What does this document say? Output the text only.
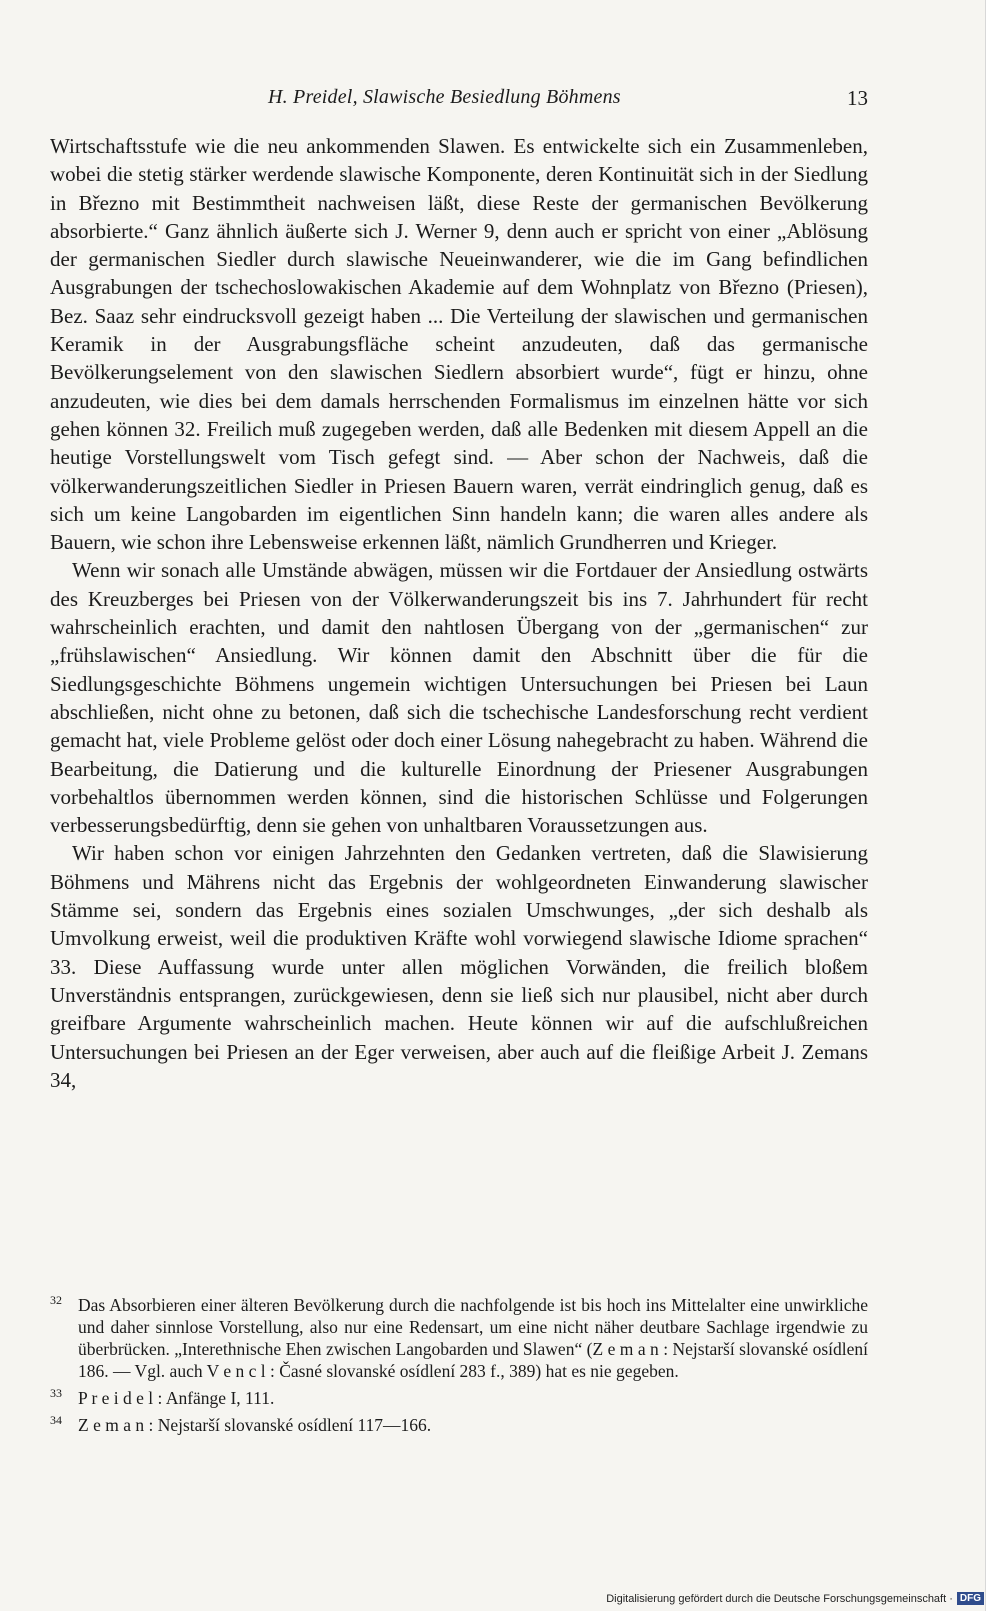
H. Preidel, Slawische Besiedlung Böhmens	13

Wirtschaftsstufe wie die neu ankommenden Slawen. Es entwickelte sich ein Zusammenleben, wobei die stetig stärker werdende slawische Komponente, deren Kontinuität sich in der Siedlung in Březno mit Bestimmtheit nachweisen läßt, diese Reste der germanischen Bevölkerung absorbierte.“ Ganz ähnlich äußerte sich J. Werner 9, denn auch er spricht von einer „Ablösung der germanischen Siedler durch slawische Neueinwanderer, wie die im Gang befindlichen Ausgrabungen der tschechoslowakischen Akademie auf dem Wohnplatz von Březno (Priesen), Bez. Saaz sehr eindrucksvoll gezeigt haben ... Die Verteilung der slawischen und germanischen Keramik in der Ausgrabungsfläche scheint anzudeuten, daß das germanische Bevölkerungselement von den slawischen Siedlern absorbiert wurde“, fügt er hinzu, ohne anzudeuten, wie dies bei dem damals herrschenden Formalismus im einzelnen hätte vor sich gehen können 32. Freilich muß zugegeben werden, daß alle Bedenken mit diesem Appell an die heutige Vorstellungswelt vom Tisch gefegt sind. — Aber schon der Nachweis, daß die völkerwanderungszeitlichen Siedler in Priesen Bauern waren, verrät eindringlich genug, daß es sich um keine Langobarden im eigentlichen Sinn handeln kann; die waren alles andere als Bauern, wie schon ihre Lebensweise erkennen läßt, nämlich Grundherren und Krieger.

Wenn wir sonach alle Umstände abwägen, müssen wir die Fortdauer der Ansiedlung ostwärts des Kreuzberges bei Priesen von der Völkerwanderungszeit bis ins 7. Jahrhundert für recht wahrscheinlich erachten, und damit den nahtlosen Übergang von der „germanischen“ zur „frühslawischen“ Ansiedlung. Wir können damit den Abschnitt über die für die Siedlungsgeschichte Böhmens ungemein wichtigen Untersuchungen bei Priesen bei Laun abschließen, nicht ohne zu betonen, daß sich die tschechische Landesforschung recht verdient gemacht hat, viele Probleme gelöst oder doch einer Lösung nahegebracht zu haben. Während die Bearbeitung, die Datierung und die kulturelle Einordnung der Priesener Ausgrabungen vorbehaltlos übernommen werden können, sind die historischen Schlüsse und Folgerungen verbesserungsbedürftig, denn sie gehen von unhaltbaren Voraussetzungen aus.

Wir haben schon vor einigen Jahrzehnten den Gedanken vertreten, daß die Slawisierung Böhmens und Mährens nicht das Ergebnis der wohlgeordneten Einwanderung slawischer Stämme sei, sondern das Ergebnis eines sozialen Umschwunges, „der sich deshalb als Umvolkung erweist, weil die produktiven Kräfte wohl vorwiegend slawische Idiome sprachen“ 33. Diese Auffassung wurde unter allen möglichen Vorwänden, die freilich bloßem Unverständnis entsprangen, zurückgewiesen, denn sie ließ sich nur plausibel, nicht aber durch greifbare Argumente wahrscheinlich machen. Heute können wir auf die aufschlußreichen Untersuchungen bei Priesen an der Eger verweisen, aber auch auf die fleißige Arbeit J. Zemans 34,

32 Das Absorbieren einer älteren Bevölkerung durch die nachfolgende ist bis hoch ins Mittelalter eine unwirkliche und daher sinnlose Vorstellung, also nur eine Redensart, um eine nicht näher deutbare Sachlage irgendwie zu überbrücken. „Interethnische Ehen zwischen Langobarden und Slawen“ (Z e m a n : Nejstarší slovanské osídlení 186. — Vgl. auch V e n c l : Časné slovanské osídlení 283 f., 389) hat es nie gegeben.

33 P r e i d e l : Anfänge I, 111.

34 Z e m a n : Nejstarší slovanské osídlení 117—166.

Digitalisierung gefördert durch die Deutsche Forschungsgemeinschaft · DFG
